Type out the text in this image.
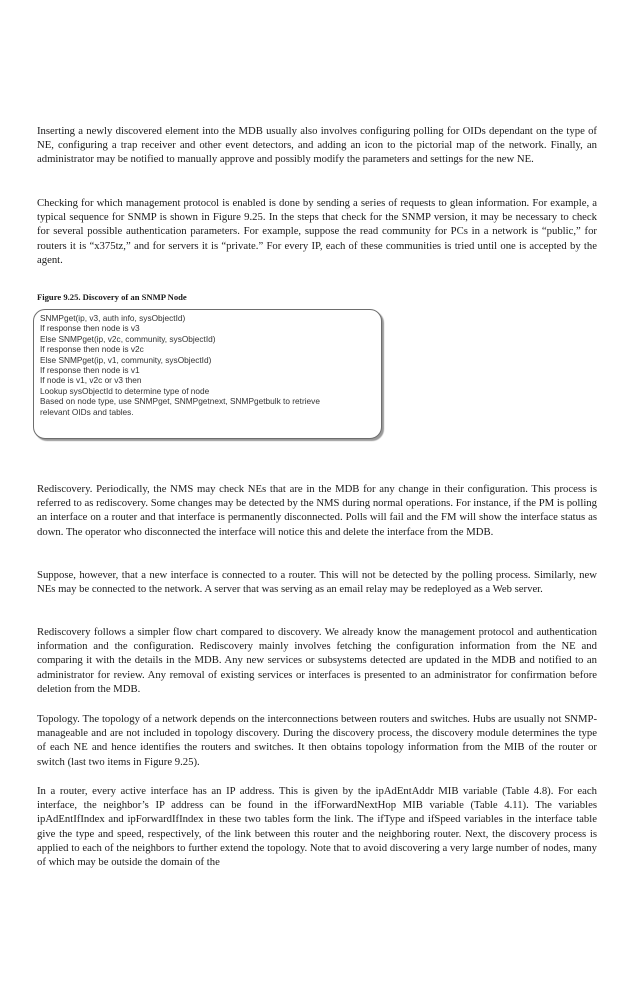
Inserting a newly discovered element into the MDB usually also involves configuring polling for OIDs dependant on the type of NE, configuring a trap receiver and other event detectors, and adding an icon to the pictorial map of the network. Finally, an administrator may be notified to manually approve and possibly modify the parameters and settings for the new NE.

Checking for which management protocol is enabled is done by sending a series of requests to glean information. For example, a typical sequence for SNMP is shown in Figure 9.25. In the steps that check for the SNMP version, it may be necessary to check for several possible authentication parameters. For example, suppose the read community for PCs in a network is “public,” for routers it is “x375tz,” and for servers it is “private.” For every IP, each of these communities is tried until one is accepted by the agent.

Figure 9.25. Discovery of an SNMP Node

SNMPget(ip, v3, auth info, sysObjectId)
If response then node is v3
Else SNMPget(ip, v2c, community, sysObjectId)
If response then node is v2c
Else SNMPget(ip, v1, community, sysObjectId)
If response then node is v1
If node is v1, v2c or v3 then
Lookup sysObjectId to determine type of node
Based on node type, use SNMPget, SNMPgetnext, SNMPgetbulk to retrieve
relevant OIDs and tables.

Rediscovery. Periodically, the NMS may check NEs that are in the MDB for any change in their configuration. This process is referred to as rediscovery. Some changes may be detected by the NMS during normal operations. For instance, if the PM is polling an interface on a router and that interface is permanently disconnected. Polls will fail and the FM will show the interface status as down. The operator who disconnected the interface will notice this and delete the interface from the MDB.

Suppose, however, that a new interface is connected to a router. This will not be detected by the polling process. Similarly, new NEs may be connected to the network. A server that was serving as an email relay may be redeployed as a Web server.

Rediscovery follows a simpler flow chart compared to discovery. We already know the management protocol and authentication information and the configuration. Rediscovery mainly involves fetching the configuration information from the NE and comparing it with the details in the MDB. Any new services or subsystems detected are updated in the MDB and notified to an administrator for review. Any removal of existing services or interfaces is presented to an administrator for confirmation before deletion from the MDB.

Topology. The topology of a network depends on the interconnections between routers and switches. Hubs are usually not SNMP-manageable and are not included in topology discovery. During the discovery process, the discovery module determines the type of each NE and hence identifies the routers and switches. It then obtains topology information from the MIB of the router or switch (last two items in Figure 9.25).

In a router, every active interface has an IP address. This is given by the ipAdEntAddr MIB variable (Table 4.8). For each interface, the neighbor’s IP address can be found in the ifForwardNextHop MIB variable (Table 4.11). The variables ipAdEntIfIndex and ipForwardIfIndex in these two tables form the link. The ifType and ifSpeed variables in the interface table give the type and speed, respectively, of the link between this router and the neighboring router. Next, the discovery process is applied to each of the neighbors to further extend the topology. Note that to avoid discovering a very large number of nodes, many of which may be outside the domain of the
